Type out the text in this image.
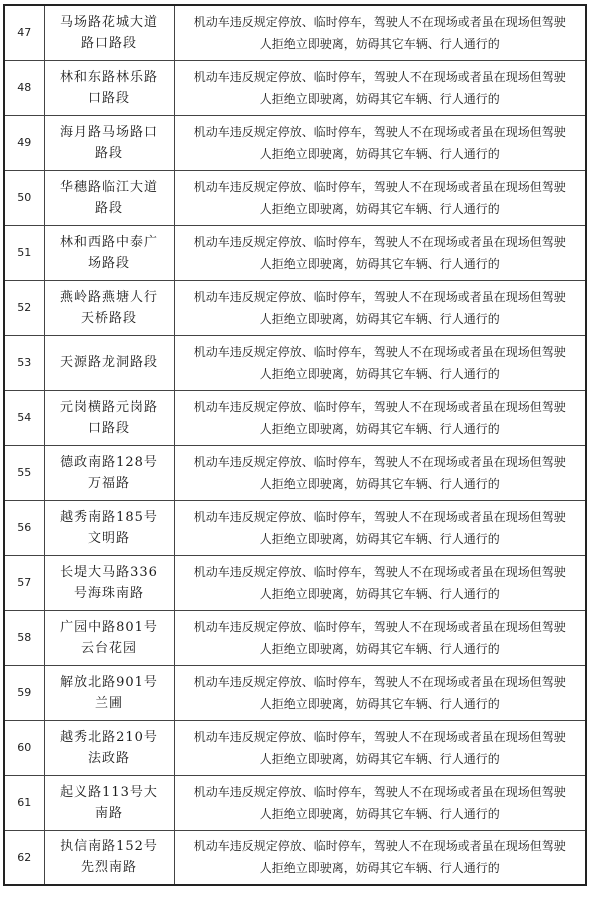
47	马场路花城大道路口路段	机动车违反规定停放、临时停车，驾驶人不在现场或者虽在现场但驾驶
人拒绝立即驶离，妨碍其它车辆、行人通行的

48	林和东路林乐路口路段	机动车违反规定停放、临时停车，驾驶人不在现场或者虽在现场但驾驶
人拒绝立即驶离，妨碍其它车辆、行人通行的

49	海月路马场路口路段	机动车违反规定停放、临时停车，驾驶人不在现场或者虽在现场但驾驶
人拒绝立即驶离，妨碍其它车辆、行人通行的

50	华穗路临江大道路段	机动车违反规定停放、临时停车，驾驶人不在现场或者虽在现场但驾驶
人拒绝立即驶离，妨碍其它车辆、行人通行的

51	林和西路中泰广场路段	机动车违反规定停放、临时停车，驾驶人不在现场或者虽在现场但驾驶
人拒绝立即驶离，妨碍其它车辆、行人通行的

52	燕岭路燕塘人行天桥路段	机动车违反规定停放、临时停车，驾驶人不在现场或者虽在现场但驾驶
人拒绝立即驶离，妨碍其它车辆、行人通行的

53	天源路龙洞路段	机动车违反规定停放、临时停车，驾驶人不在现场或者虽在现场但驾驶
人拒绝立即驶离，妨碍其它车辆、行人通行的

54	元岗横路元岗路口路段	机动车违反规定停放、临时停车，驾驶人不在现场或者虽在现场但驾驶
人拒绝立即驶离，妨碍其它车辆、行人通行的

55	德政南路128号万福路	机动车违反规定停放、临时停车，驾驶人不在现场或者虽在现场但驾驶
人拒绝立即驶离，妨碍其它车辆、行人通行的

56	越秀南路185号文明路	机动车违反规定停放、临时停车，驾驶人不在现场或者虽在现场但驾驶
人拒绝立即驶离，妨碍其它车辆、行人通行的

57	长堤大马路336号海珠南路	机动车违反规定停放、临时停车，驾驶人不在现场或者虽在现场但驾驶
人拒绝立即驶离，妨碍其它车辆、行人通行的

58	广园中路801号云台花园	机动车违反规定停放、临时停车，驾驶人不在现场或者虽在现场但驾驶
人拒绝立即驶离，妨碍其它车辆、行人通行的

59	解放北路901号兰圃	机动车违反规定停放、临时停车，驾驶人不在现场或者虽在现场但驾驶
人拒绝立即驶离，妨碍其它车辆、行人通行的

60	越秀北路210号法政路	机动车违反规定停放、临时停车，驾驶人不在现场或者虽在现场但驾驶
人拒绝立即驶离，妨碍其它车辆、行人通行的

61	起义路113号大南路	机动车违反规定停放、临时停车，驾驶人不在现场或者虽在现场但驾驶
人拒绝立即驶离，妨碍其它车辆、行人通行的

62	执信南路152号先烈南路	机动车违反规定停放、临时停车，驾驶人不在现场或者虽在现场但驾驶
人拒绝立即驶离，妨碍其它车辆、行人通行的
